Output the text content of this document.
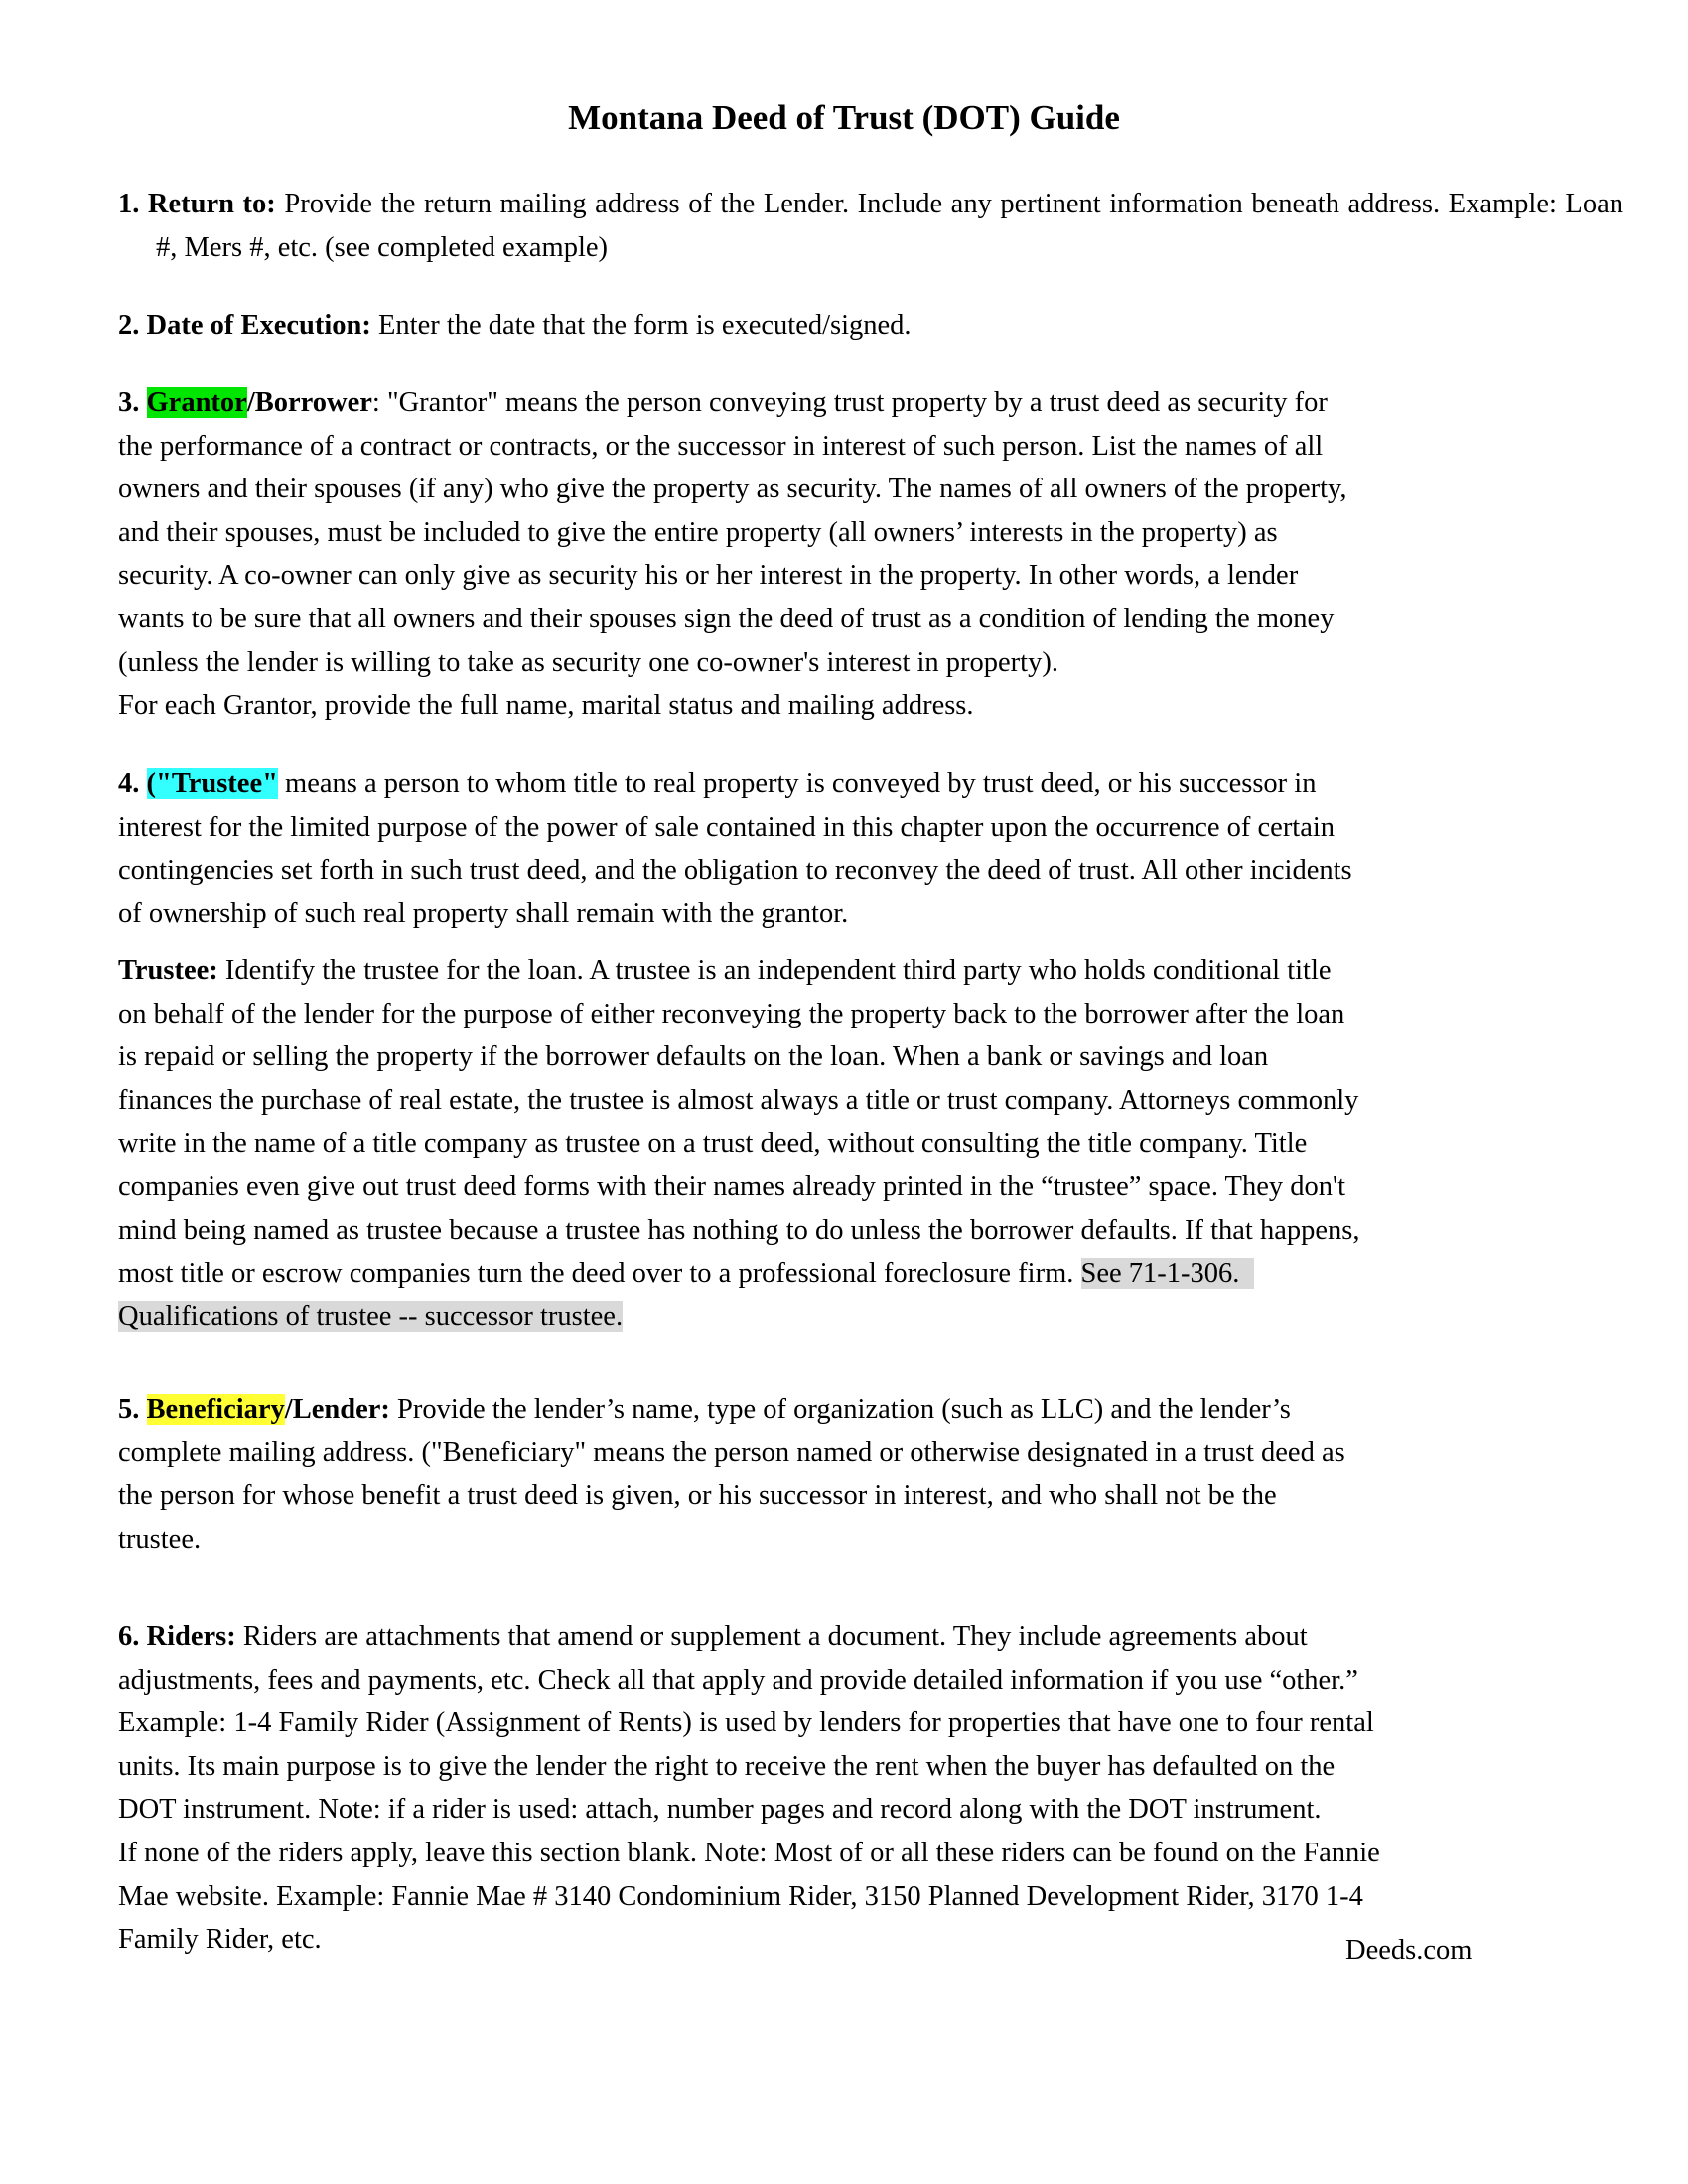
Montana Deed of Trust (DOT) Guide
1. Return to: Provide the return mailing address of the Lender. Include any pertinent information beneath address. Example: Loan #, Mers #, etc. (see completed example)
2. Date of Execution: Enter the date that the form is executed/signed.
3. Grantor/Borrower: "Grantor" means the person conveying trust property by a trust deed as security for
the performance of a contract or contracts, or the successor in interest of such person. List the names of all
owners and their spouses (if any) who give the property as security. The names of all owners of the property,
and their spouses, must be included to give the entire property (all owners’ interests in the property) as
security. A co-owner can only give as security his or her interest in the property. In other words, a lender
wants to be sure that all owners and their spouses sign the deed of trust as a condition of lending the money
(unless the lender is willing to take as security one co-owner's interest in property).
For each Grantor, provide the full name, marital status and mailing address.
4. ("Trustee" means a person to whom title to real property is conveyed by trust deed, or his successor in
interest for the limited purpose of the power of sale contained in this chapter upon the occurrence of certain
contingencies set forth in such trust deed, and the obligation to reconvey the deed of trust. All other incidents
of ownership of such real property shall remain with the grantor.
Trustee: Identify the trustee for the loan. A trustee is an independent third party who holds conditional title
on behalf of the lender for the purpose of either reconveying the property back to the borrower after the loan
is repaid or selling the property if the borrower defaults on the loan. When a bank or savings and loan
finances the purchase of real estate, the trustee is almost always a title or trust company. Attorneys commonly
write in the name of a title company as trustee on a trust deed, without consulting the title company. Title
companies even give out trust deed forms with their names already printed in the “trustee” space. They don't
mind being named as trustee because a trustee has nothing to do unless the borrower defaults. If that happens,
most title or escrow companies turn the deed over to a professional foreclosure firm. See 71-1-306.
Qualifications of trustee -- successor trustee.
5. Beneficiary/Lender: Provide the lender’s name, type of organization (such as LLC) and the lender’s
complete mailing address. ("Beneficiary" means the person named or otherwise designated in a trust deed as
the person for whose benefit a trust deed is given, or his successor in interest, and who shall not be the
trustee.
6. Riders: Riders are attachments that amend or supplement a document. They include agreements about
adjustments, fees and payments, etc. Check all that apply and provide detailed information if you use “other.”
Example: 1-4 Family Rider (Assignment of Rents) is used by lenders for properties that have one to four rental
units. Its main purpose is to give the lender the right to receive the rent when the buyer has defaulted on the
DOT instrument. Note: if a rider is used: attach, number pages and record along with the DOT instrument.
If none of the riders apply, leave this section blank. Note: Most of or all these riders can be found on the Fannie
Mae website. Example: Fannie Mae # 3140 Condominium Rider, 3150 Planned Development Rider, 3170 1-4
Family Rider, etc.	Deeds.com
